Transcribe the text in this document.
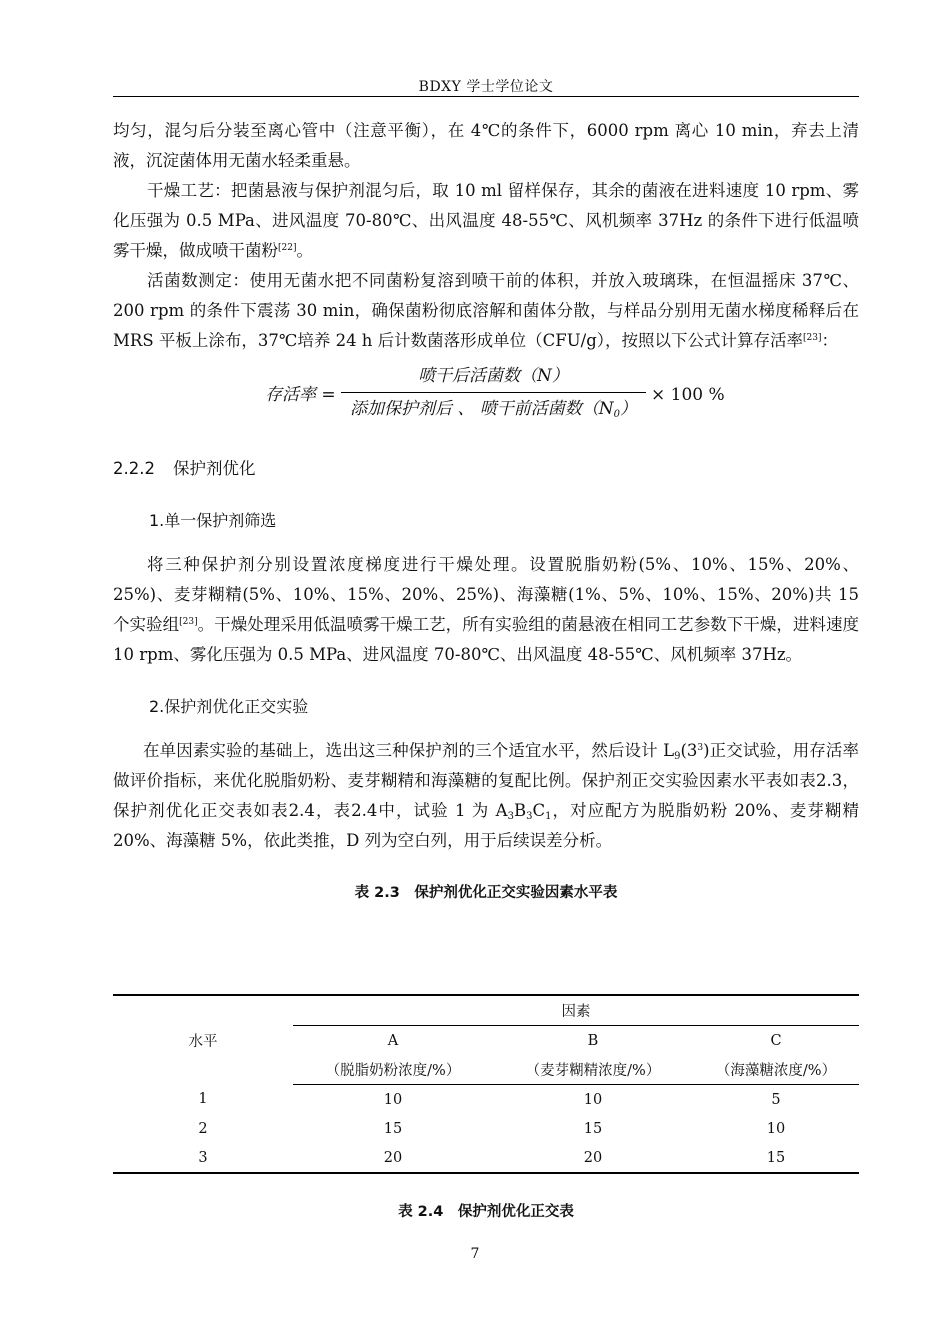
BDXY 学士学位论文

均匀，混匀后分装至离心管中（注意平衡），在 4℃的条件下，6000 rpm 离心 10 min，弃去上清液，沉淀菌体用无菌水轻柔重悬。

干燥工艺：把菌悬液与保护剂混匀后，取 10 ml 留样保存，其余的菌液在进料速度 10 rpm、雾化压强为 0.5 MPa、进风温度 70-80℃、出风温度 48-55℃、风机频率 37Hz 的条件下进行低温喷雾干燥，做成喷干菌粉[22]。

活菌数测定：使用无菌水把不同菌粉复溶到喷干前的体积，并放入玻璃珠，在恒温摇床 37℃、200 rpm 的条件下震荡 30 min，确保菌粉彻底溶解和菌体分散，与样品分别用无菌水梯度稀释后在 MRS 平板上涂布，37℃培养 24 h 后计数菌落形成单位（CFU/g），按照以下公式计算存活率[23]：

存活率 =
喷干后活菌数（N）
添加保护剂后 、 喷干前活菌数$(N_0)$
× 100 %
2.2.2 保护剂优化
1.单一保护剂筛选

将三种保护剂分别设置浓度梯度进行干燥处理。设置脱脂奶粉(5%、10%、15%、20%、25%)、麦芽糊精(5%、10%、15%、20%、25%)、海藻糖(1%、5%、10%、15%、20%)共 15 个实验组[23]。干燥处理采用低温喷雾干燥工艺，所有实验组的菌悬液在相同工艺参数下干燥，进料速度 10 rpm、雾化压强为 0.5 MPa、进风温度 70-80℃、出风温度 48-55℃、风机频率 37Hz。

2.保护剂优化正交实验

在单因素实验的基础上，选出这三种保护剂的三个适宜水平，然后设计 $L_9(3^3)$正交试验，用存活率做评价指标，来优化脱脂奶粉、麦芽糊精和海藻糖的复配比例。保护剂正交实验因素水平表如表2.3，保护剂优化正交表如表2.4，表2.4中，试验 1 为 $A_3B_3C_1$，对应配方为脱脂奶粉 20%、麦芽糊精 20%、海藻糖 5%，依此类推，D 列为空白列，用于后续误差分析。

表 2.3　保护剂优化正交实验因素水平表
水平	因素		
	A	B	C
	（脱脂奶粉浓度/%）	（麦芽糊精浓度/%）	（海藻糖浓度/%）
1	10	10	5
2	15	15	10
3	20	20	15
表 2.4　保护剂优化正交表
7
